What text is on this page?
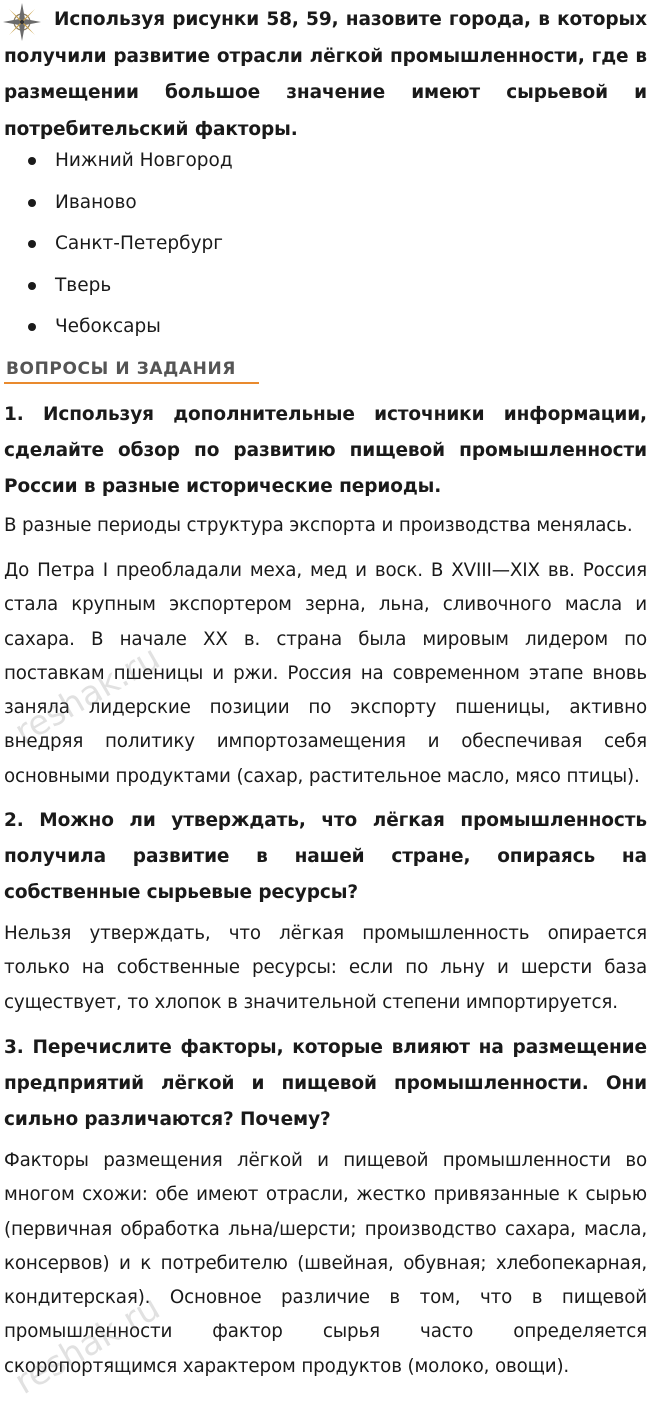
Используя рисунки 58, 59, назовите города, в которых получили развитие отрасли лёгкой промышленности, где в размещении большое значение имеют сырьевой и потребительский факторы.

Нижний Новгород
Иваново
Санкт-Петербург
Тверь
Чебоксары
ВОПРОСЫ И ЗАДАНИЯ

1. Используя дополнительные источники информации, сделайте обзор по развитию пищевой промышленности России в разные исторические периоды.

В разные периоды структура экспорта и производства менялась.

До Петра I преобладали меха, мед и воск. В XVIII—XIX вв. Россия стала крупным экспортером зерна, льна, сливочного масла и сахара. В начале XX в. страна была мировым лидером по поставкам пшеницы и ржи. Россия на современном этапе вновь заняла лидерские позиции по экспорту пшеницы, активно внедряя политику импортозамещения и обеспечивая себя основными продуктами (сахар, растительное масло, мясо птицы).

2. Можно ли утверждать, что лёгкая промышленность получила развитие в нашей стране, опираясь на собственные сырьевые ресурсы?

Нельзя утверждать, что лёгкая промышленность опирается только на собственные ресурсы: если по льну и шерсти база существует, то хлопок в значительной степени импортируется.

3. Перечислите факторы, которые влияют на размещение предприятий лёгкой и пищевой промышленности. Они сильно различаются? Почему?

Факторы размещения лёгкой и пищевой промышленности во многом схожи: обе имеют отрасли, жестко привязанные к сырью (первичная обработка льна/шерсти; производство сахара, масла, консервов) и к потребителю (швейная, обувная; хлебопекарная, кондитерская). Основное различие в том, что в пищевой промышленности фактор сырья часто определяется скоропортящимся характером продуктов (молоко, овощи).

reshak.ru
reshak.ru
